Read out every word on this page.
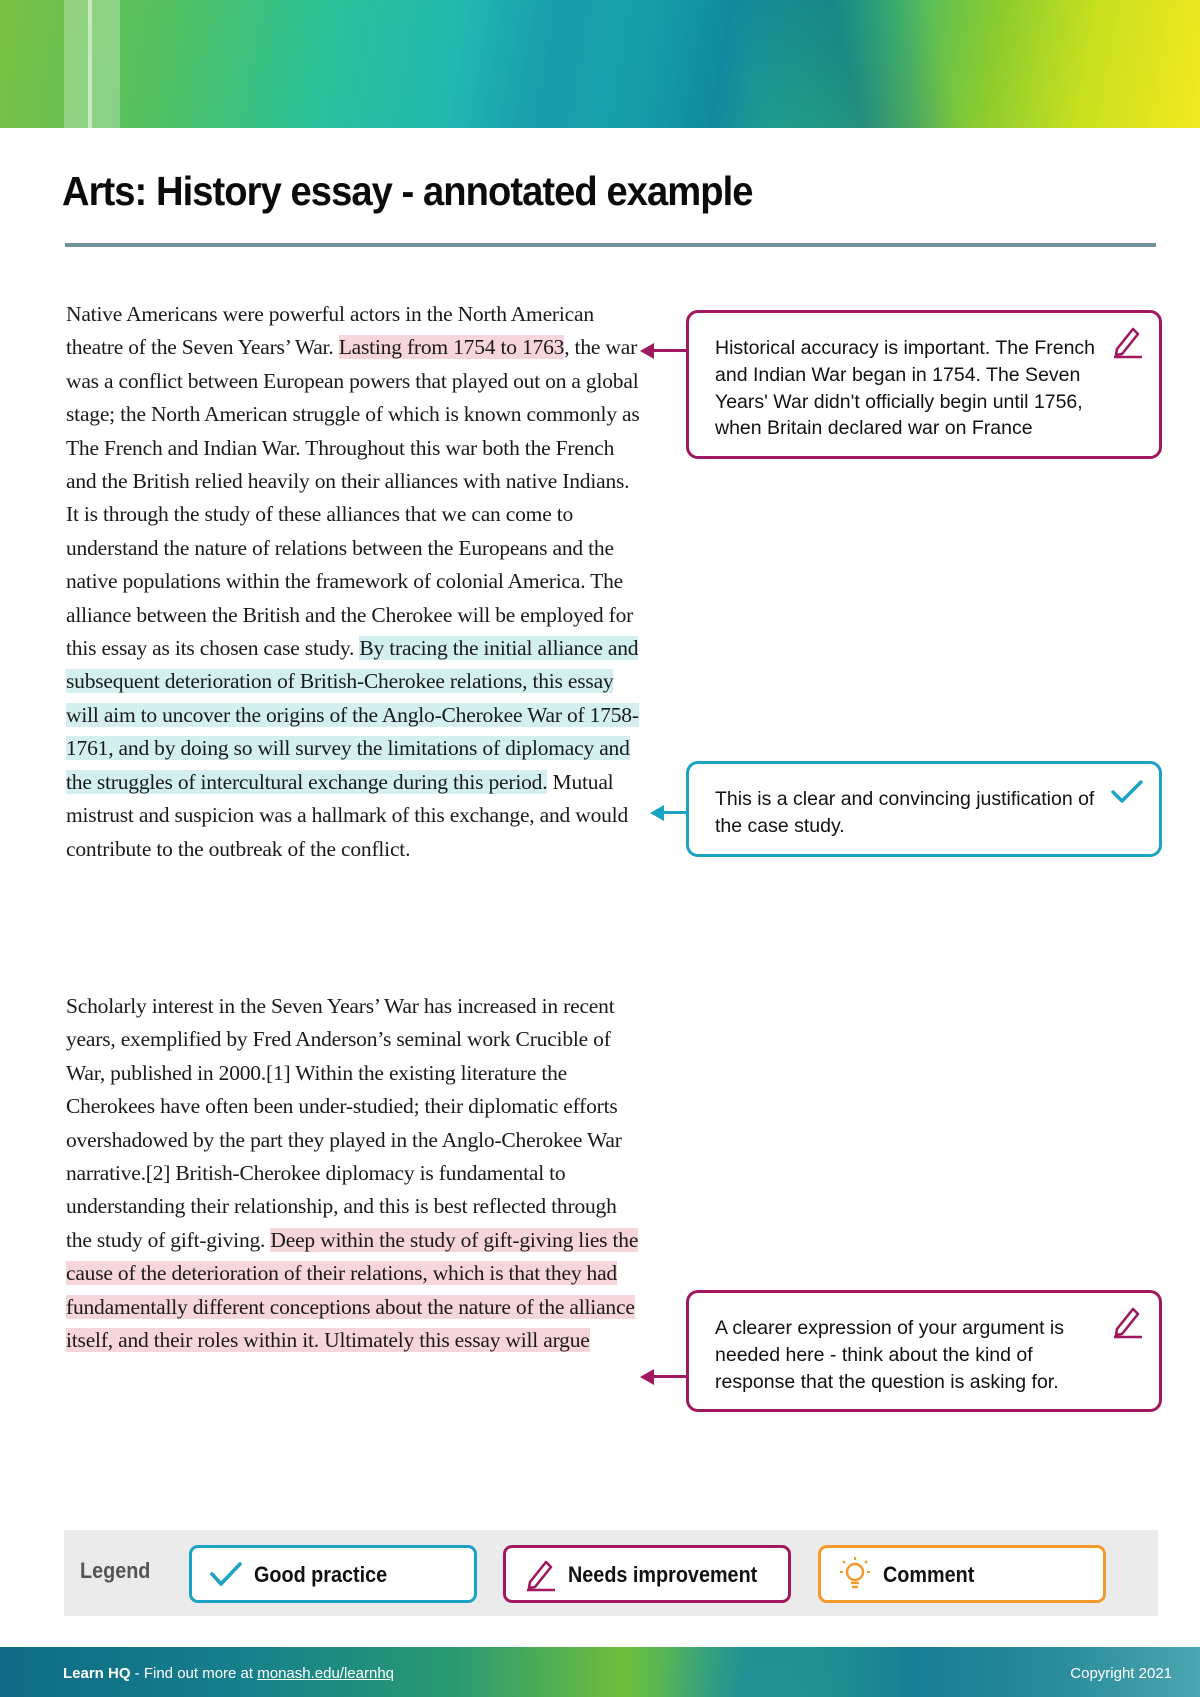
Arts: History essay - annotated example

Native Americans were powerful actors in the North American theatre of the Seven Years’ War. Lasting from 1754 to 1763, the war was a conflict between European powers that played out on a global stage; the North American struggle of which is known commonly as The French and Indian War. Throughout this war both the French and the British relied heavily on their alliances with native Indians. It is through the study of these alliances that we can come to understand the nature of relations between the Europeans and the native populations within the framework of colonial America. The alliance between the British and the Cherokee will be employed for this essay as its chosen case study. By tracing the initial alliance and subsequent deterioration of British-Cherokee relations, this essay will aim to uncover the origins of the Anglo-Cherokee War of 1758-1761, and by doing so will survey the limitations of diplomacy and the struggles of intercultural exchange during this period. Mutual mistrust and suspicion was a hallmark of this exchange, and would contribute to the outbreak of the conflict.

Scholarly interest in the Seven Years’ War has increased in recent years, exemplified by Fred Anderson’s seminal work Crucible of War, published in 2000.[1] Within the existing literature the Cherokees have often been under-studied; their diplomatic efforts overshadowed by the part they played in the Anglo-Cherokee War narrative.[2] British-Cherokee diplomacy is fundamental to understanding their relationship, and this is best reflected through the study of gift-giving. Deep within the study of gift-giving lies the cause of the deterioration of their relations, which is that they had fundamentally different conceptions about the nature of the alliance itself, and their roles within it. Ultimately this essay will argue

Historical accuracy is important. The French and Indian War began in 1754. The Seven Years' War didn't officially begin until 1756, when Britain declared war on France
This is a clear and convincing justification of the case study.
A clearer expression of your argument is needed here - think about the kind of response that the question is asking for.
Legend	Good practice	Needs improvement	Comment
Learn HQ - Find out more at monash.edu/learnhq	Copyright 2021
